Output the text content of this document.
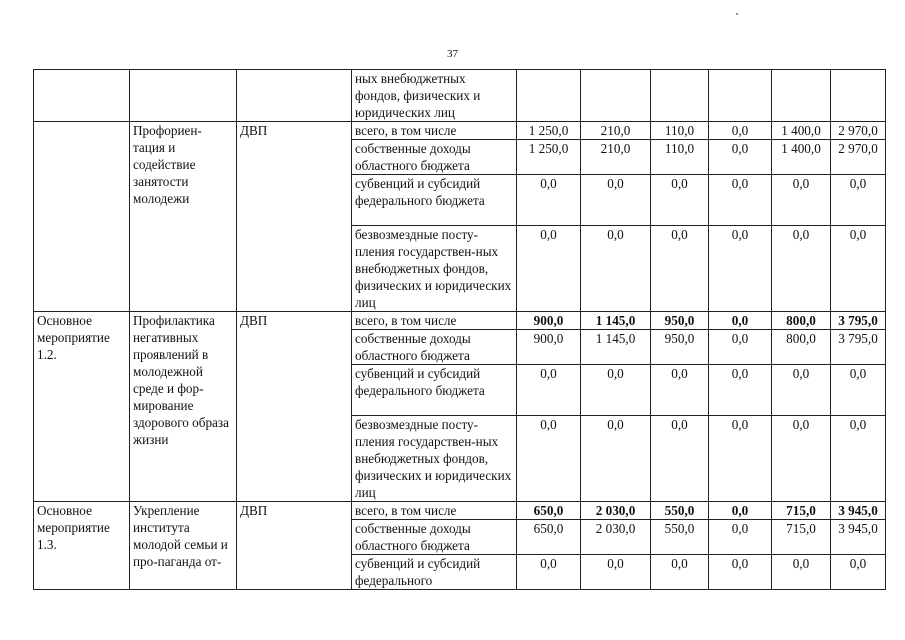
37
			ных внебюджетных фондов, физических и юридических лиц						
	Профориен-тация и содействие занятости молодежи	ДВП	всего, в том числе	1 250,0	210,0	110,0	0,0	1 400,0	2 970,0
			собственные доходы областного бюджета	1 250,0	210,0	110,0	0,0	1 400,0	2 970,0
			субвенций и субсидий федерального бюджета	0,0	0,0	0,0	0,0	0,0	0,0
			безвозмездные посту-пления государствен-ных внебюджетных фондов, физических и юридических лиц	0,0	0,0	0,0	0,0	0,0	0,0
Основное мероприятие 1.2.	Профилактика негативных проявлений в молодежной среде и фор-мирование здорового образа жизни	ДВП	всего, в том числе	900,0	1 145,0	950,0	0,0	800,0	3 795,0
			собственные доходы областного бюджета	900,0	1 145,0	950,0	0,0	800,0	3 795,0
			субвенций и субсидий федерального бюджета	0,0	0,0	0,0	0,0	0,0	0,0
			безвозмездные посту-пления государствен-ных внебюджетных фондов, физических и юридических лиц	0,0	0,0	0,0	0,0	0,0	0,0
Основное мероприятие 1.3.	Укрепление института молодой семьи и про-паганда от-	ДВП	всего, в том числе	650,0	2 030,0	550,0	0,0	715,0	3 945,0
			собственные доходы областного бюджета	650,0	2 030,0	550,0	0,0	715,0	3 945,0
			субвенций и субсидий федерального	0,0	0,0	0,0	0,0	0,0	0,0
